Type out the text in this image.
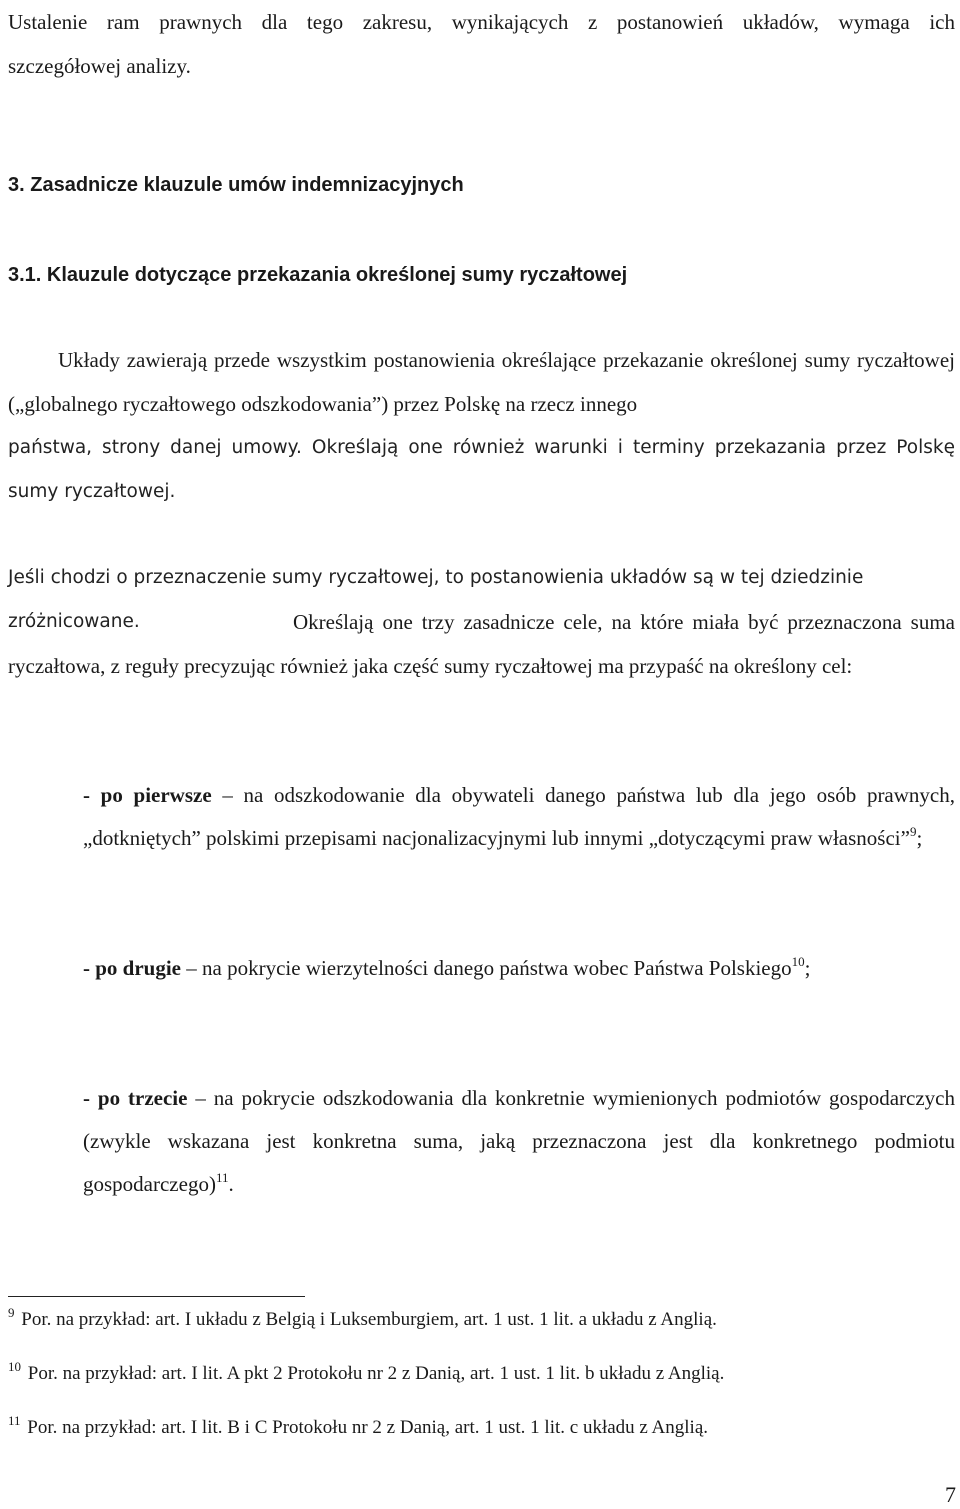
Ustalenie ram prawnych dla tego zakresu, wynikających z postanowień układów, wymaga ich
szczegółowej analizy.
3. Zasadnicze klauzule umów indemnizacyjnych
3.1. Klauzule dotyczące przekazania określonej sumy ryczałtowej
Układy zawierają przede wszystkim postanowienia określające przekazanie określonej sumy ryczałtowej („globalnego ryczałtowego odszkodowania”) przez Polskę na rzecz innego
państwa, strony danej umowy. Określają one również warunki i terminy przekazania przez Polskę sumy ryczałtowej.
Jeśli chodzi o przeznaczenie sumy ryczałtowej, to postanowienia układów są w tej dziedzinie zróżnicowane.	Określają one trzy zasadnicze cele, na które miała być przeznaczona suma ryczałtowa, z reguły precyzując również jaka część sumy ryczałtowej ma przypaść na określony cel:
- po pierwsze – na odszkodowanie dla obywateli danego państwa lub dla jego osób prawnych, „dotkniętych” polskimi przepisami nacjonalizacyjnymi lub innymi „dotyczącymi praw własności”$^9$;
- po drugie – na pokrycie wierzytelności danego państwa wobec Państwa Polskiego$^{10}$;
- po trzecie – na pokrycie odszkodowania dla konkretnie wymienionych podmiotów gospodarczych (zwykle wskazana jest konkretna suma, jaką przeznaczona jest dla konkretnego podmiotu gospodarczego)$^{11}$.
$^9$ Por. na przykład: art. I układu z Belgią i Luksemburgiem, art. 1 ust. 1 lit. a układu z Anglią.
$^{10}$ Por. na przykład: art. I lit. A pkt 2 Protokołu nr 2 z Danią, art. 1 ust. 1 lit. b układu z Anglią.
$^{11}$ Por. na przykład: art. I lit. B i C Protokołu nr 2 z Danią, art. 1 ust. 1 lit. c układu z Anglią.
7
